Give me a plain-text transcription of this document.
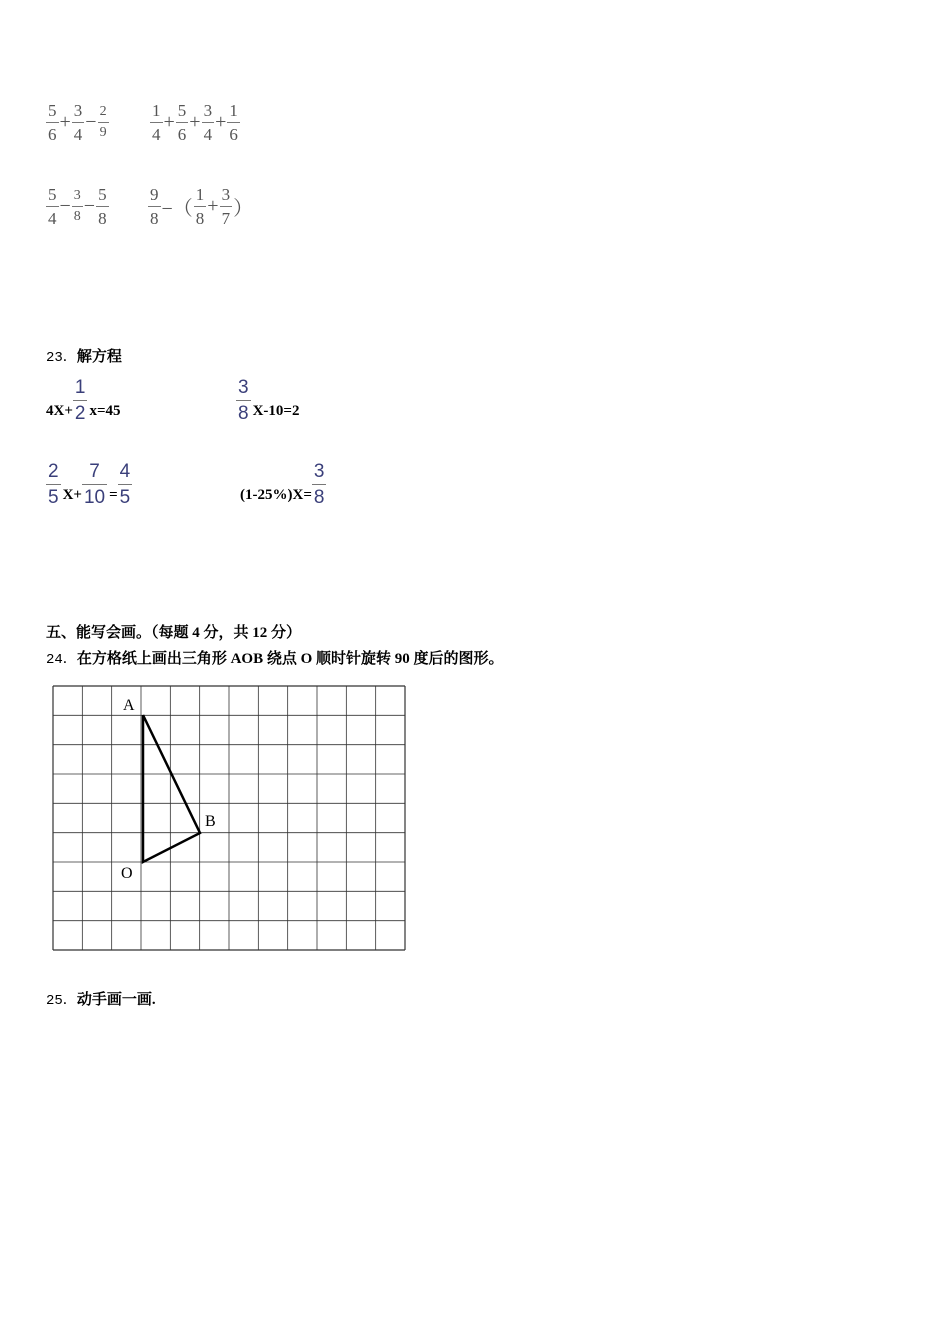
$\frac{5}{6} + \frac{3}{4} - \frac{2}{9} \frac{1}{4} + \frac{5}{6} + \frac{3}{4} + \frac{1}{6}$
$\frac{5}{4} - \frac{3}{8} - \frac{5}{8} \frac{9}{8}$ −（ $\frac{1}{8} + \frac{3}{7}$ ）
23．解方程
$4X+ \frac{1}{2} x=45$	$\frac{3}{8} X-10=2$
$\frac{2}{5} X+ \frac{7}{10} = \frac{4}{5}$	$(1-25\%)X= \frac{3}{8}$
五、能写会画。（每题 4 分，共 12 分）
24．在方格纸上画出三角形 AOB 绕点 O 顺时针旋转 90 度后的图形。
A
B
O
25．动手画一画.
